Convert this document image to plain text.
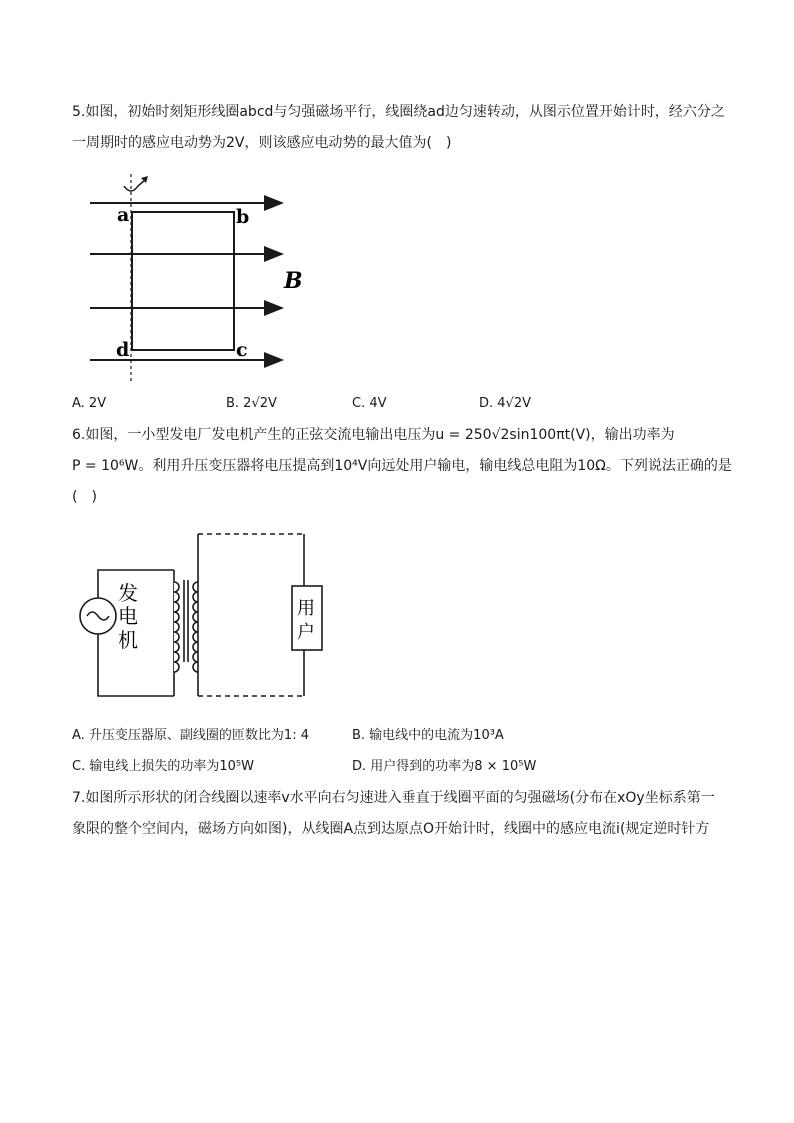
5.如图，初始时刻矩形线圈abcd与匀强磁场平行，线圈绕ad边匀速转动，从图示位置开始计时，经六分之
一周期时的感应电动势为2V，则该感应电动势的最大值为(　)
a	b
c
d
B
A. 2V	B. 2√2V	C. 4V	D. 4√2V
6.如图，一小型发电厂发电机产生的正弦交流电输出电压为u = 250√2sin100πt(V)，输出功率为
P = 10⁶W。利用升压变压器将电压提高到10⁴V向远处用户输电，输电线总电阻为10Ω。下列说法正确的是
(　)
发
电
机
用
户
A. 升压变压器原、副线圈的匝数比为1: 4	B. 输电线中的电流为10³A
C. 输电线上损失的功率为10⁵W	D. 用户得到的功率为8 × 10⁵W
7.如图所示形状的闭合线圈以速率v水平向右匀速进入垂直于线圈平面的匀强磁场(分布在xOy坐标系第一
象限的整个空间内，磁场方向如图)，从线圈A点到达原点O开始计时，线圈中的感应电流i(规定逆时针方
